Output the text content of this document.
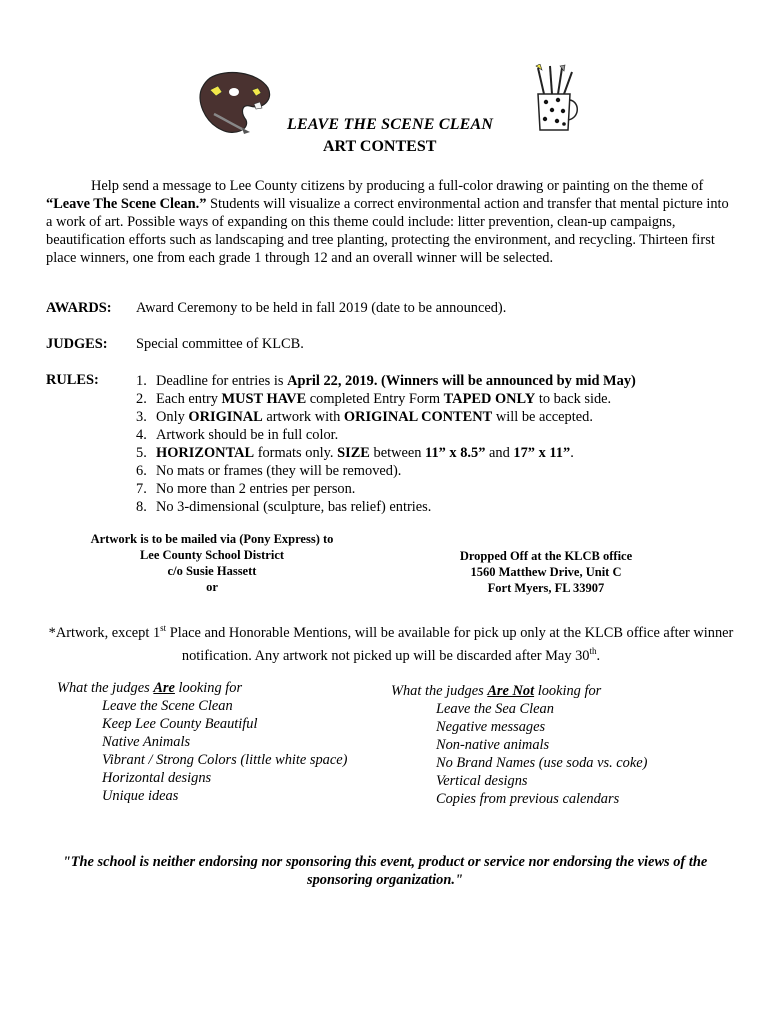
LEAVE THE SCENE CLEAN
ART CONTEST
Help send a message to Lee County citizens by producing a full-color drawing or painting on the theme of “Leave The Scene Clean.” Students will visualize a correct environmental action and transfer that mental picture into a work of art. Possible ways of expanding on this theme could include: litter prevention, clean-up campaigns, beautification efforts such as landscaping and tree planting, protecting the environment, and recycling. Thirteen first place winners, one from each grade 1 through 12 and an overall winner will be selected.
AWARDS: Award Ceremony to be held in fall 2019 (date to be announced).
JUDGES: Special committee of KLCB.
RULES:	1. Deadline for entries is April 22, 2019. (Winners will be announced by mid May)
2. Each entry MUST HAVE completed Entry Form TAPED ONLY to back side.
3. Only ORIGINAL artwork with ORIGINAL CONTENT will be accepted.
4. Artwork should be in full color.
5. HORIZONTAL formats only. SIZE between 11” x 8.5” and 17” x 11”.
6. No mats or frames (they will be removed).
7. No more than 2 entries per person.
8. No 3-dimensional (sculpture, bas relief) entries.
Artwork is to be mailed via (Pony Express) to
Lee County School District
c/o Susie Hassett
or
Dropped Off at the KLCB office
1560 Matthew Drive, Unit C
Fort Myers, FL 33907
*Artwork, except 1st Place and Honorable Mentions, will be available for pick up only at the KLCB office after winner notification. Any artwork not picked up will be discarded after May 30th.
What the judges Are looking for
Leave the Scene Clean
Keep Lee County Beautiful
Native Animals
Vibrant / Strong Colors (little white space)
Horizontal designs
Unique ideas
What the judges Are Not looking for
Leave the Sea Clean
Negative messages
Non-native animals
No Brand Names (use soda vs. coke)
Vertical designs
Copies from previous calendars
"The school is neither endorsing nor sponsoring this event, product or service nor endorsing the views of the sponsoring organization."
